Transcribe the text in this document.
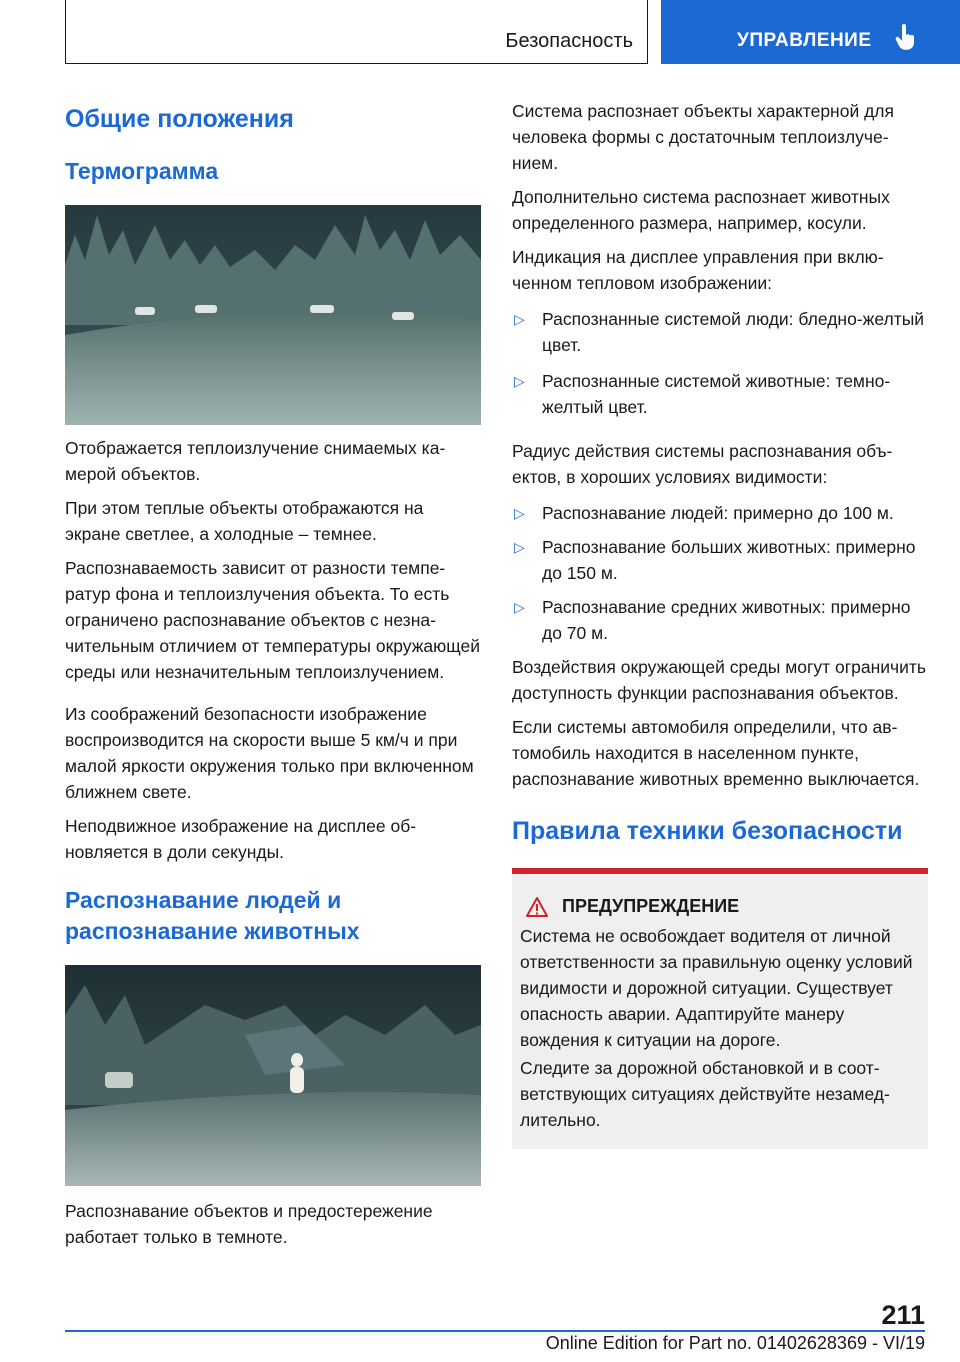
Безопасность	УПРАВЛЕНИЕ
Общие положения
Термограмма

Отображается теплоизлучение снимаемых камерой объектов.

При этом теплые объекты отображаются на экране светлее, а холодные – темнее.

Распознаваемость зависит от разности температур фона и теплоизлучения объекта. То есть ограничено распознавание объектов с незначительным отличием от температуры окружающей среды или незначительным теплоизлучением.

Из соображений безопасности изображение воспроизводится на скорости выше 5 км/ч и при малой яркости окружения только при включенном ближнем свете.

Неподвижное изображение на дисплее обновляется в доли секунды.

Распознавание людей и распознавание животных

Распознавание объектов и предостережение работает только в темноте.

Система распознает объекты характерной для человека формы с достаточным теплоизлучением.

Дополнительно система распознает животных определенного размера, например, косули.

Индикация на дисплее управления при включенном тепловом изображении:

▷ Распознанные системой люди: бледно-желтый цвет.
▷ Распознанные системой животные: темно-желтый цвет.

Радиус действия системы распознавания объектов, в хороших условиях видимости:

▷ Распознавание людей: примерно до 100 м.
▷ Распознавание больших животных: примерно до 150 м.
▷ Распознавание средних животных: примерно до 70 м.

Воздействия окружающей среды могут ограничить доступность функции распознавания объектов.

Если системы автомобиля определили, что автомобиль находится в населенном пункте, распознавание животных временно выключается.

Правила техники безопасности
ПРЕДУПРЕЖДЕНИЕ

Система не освобождает водителя от личной ответственности за правильную оценку условий видимости и дорожной ситуации. Существует опасность аварии. Адаптируйте манеру вождения к ситуации на дороге.

Следите за дорожной обстановкой и в соответствующих ситуациях действуйте незамедлительно.

211
Online Edition for Part no. 01402628369 - VI/19
